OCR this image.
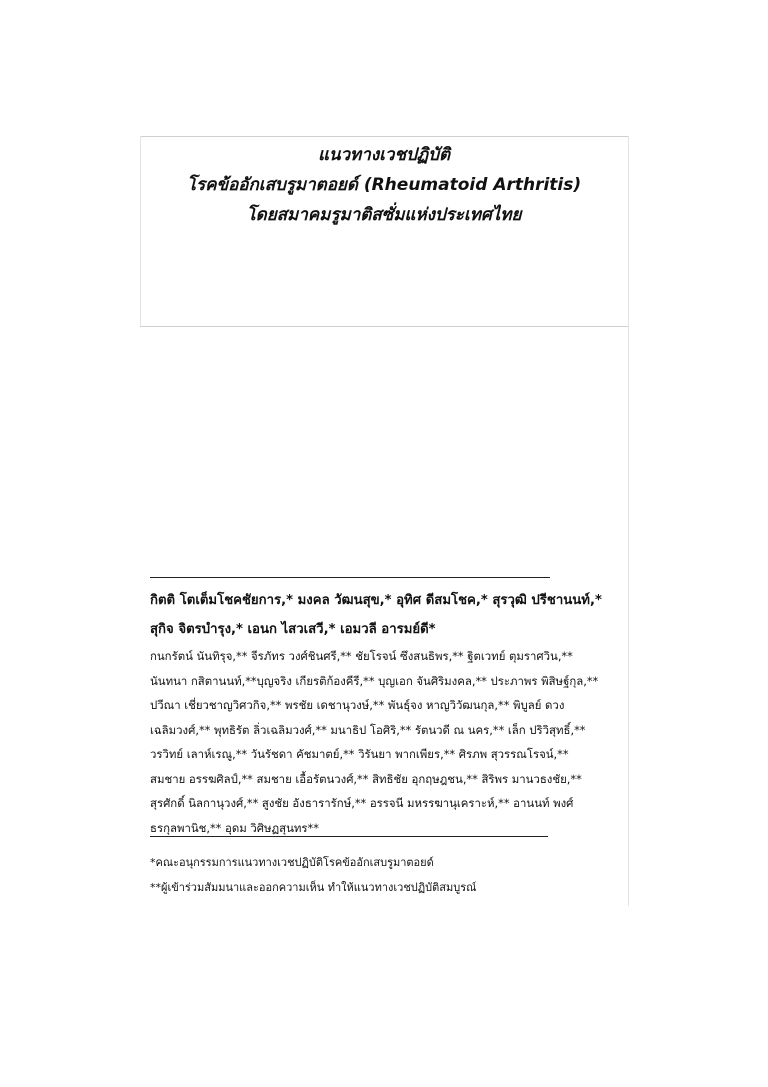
แนวทางเวชปฏิบัติ
โรคข้ออักเสบรูมาตอยด์ (Rheumatoid Arthritis)
โดยสมาคมรูมาติสซั่มแห่งประเทศไทย
กิตติ โตเต็มโชคชัยการ,* มงคล วัฒนสุข,* อุทิศ ดีสมโชค,* สุรวุฒิ ปรีชานนท์,*
สุกิจ จิตรบำรุง,* เอนก ไสวเสวี,* เอมวลี อารมย์ดี*
กนกรัตน์ นันทิรุจ,** จีรภัทร วงศ์ชินศรี,** ชัยโรจน์ ซึงสนธิพร,** ฐิตเวทย์ ตุมราศวิน,**
นันทนา กสิตานนท์,**บุญจริง เกียรติก้องคีรี,** บุญเอก จันศิริมงคล,** ประภาพร พิสิษฐ์กุล,**
ปวีณา เชี่ยวชาญวิศวกิจ,** พรชัย เดชานุวงษ์,** พันธุ์จง หาญวิวัฒนกุล,** พิบูลย์ ดวง
เฉลิมวงศ์,** พุทธิรัต ลิ่วเฉลิมวงศ์,** มนาธิป โอศิริ,** รัตนวดี ณ นคร,** เล็ก ปริวิสุทธิ์,**
วรวิทย์ เลาห์เรณู,** วันรัชดา คัชมาตย์,** วิรันยา พากเพียร,** ศิรภพ สุวรรณโรจน์,**
สมชาย อรรฆศิลป์,** สมชาย เอื้อรัตนวงศ์,** สิทธิชัย อุกฤษฎชน,** สิริพร มานวธงชัย,**
สุรศักดิ์ นิลกานุวงศ์,** สูงชัย อังธารารักษ์,** อรรจนี มหรรฆานุเคราะห์,** อานนท์ พงศ์
ธรกุลพานิช,** อุดม วิศิษฏสุนทร**
*คณะอนุกรรมการแนวทางเวชปฏิบัติโรคข้ออักเสบรูมาตอยด์
**ผู้เข้าร่วมสัมมนาและออกความเห็น ทำให้แนวทางเวชปฏิบัติสมบูรณ์
